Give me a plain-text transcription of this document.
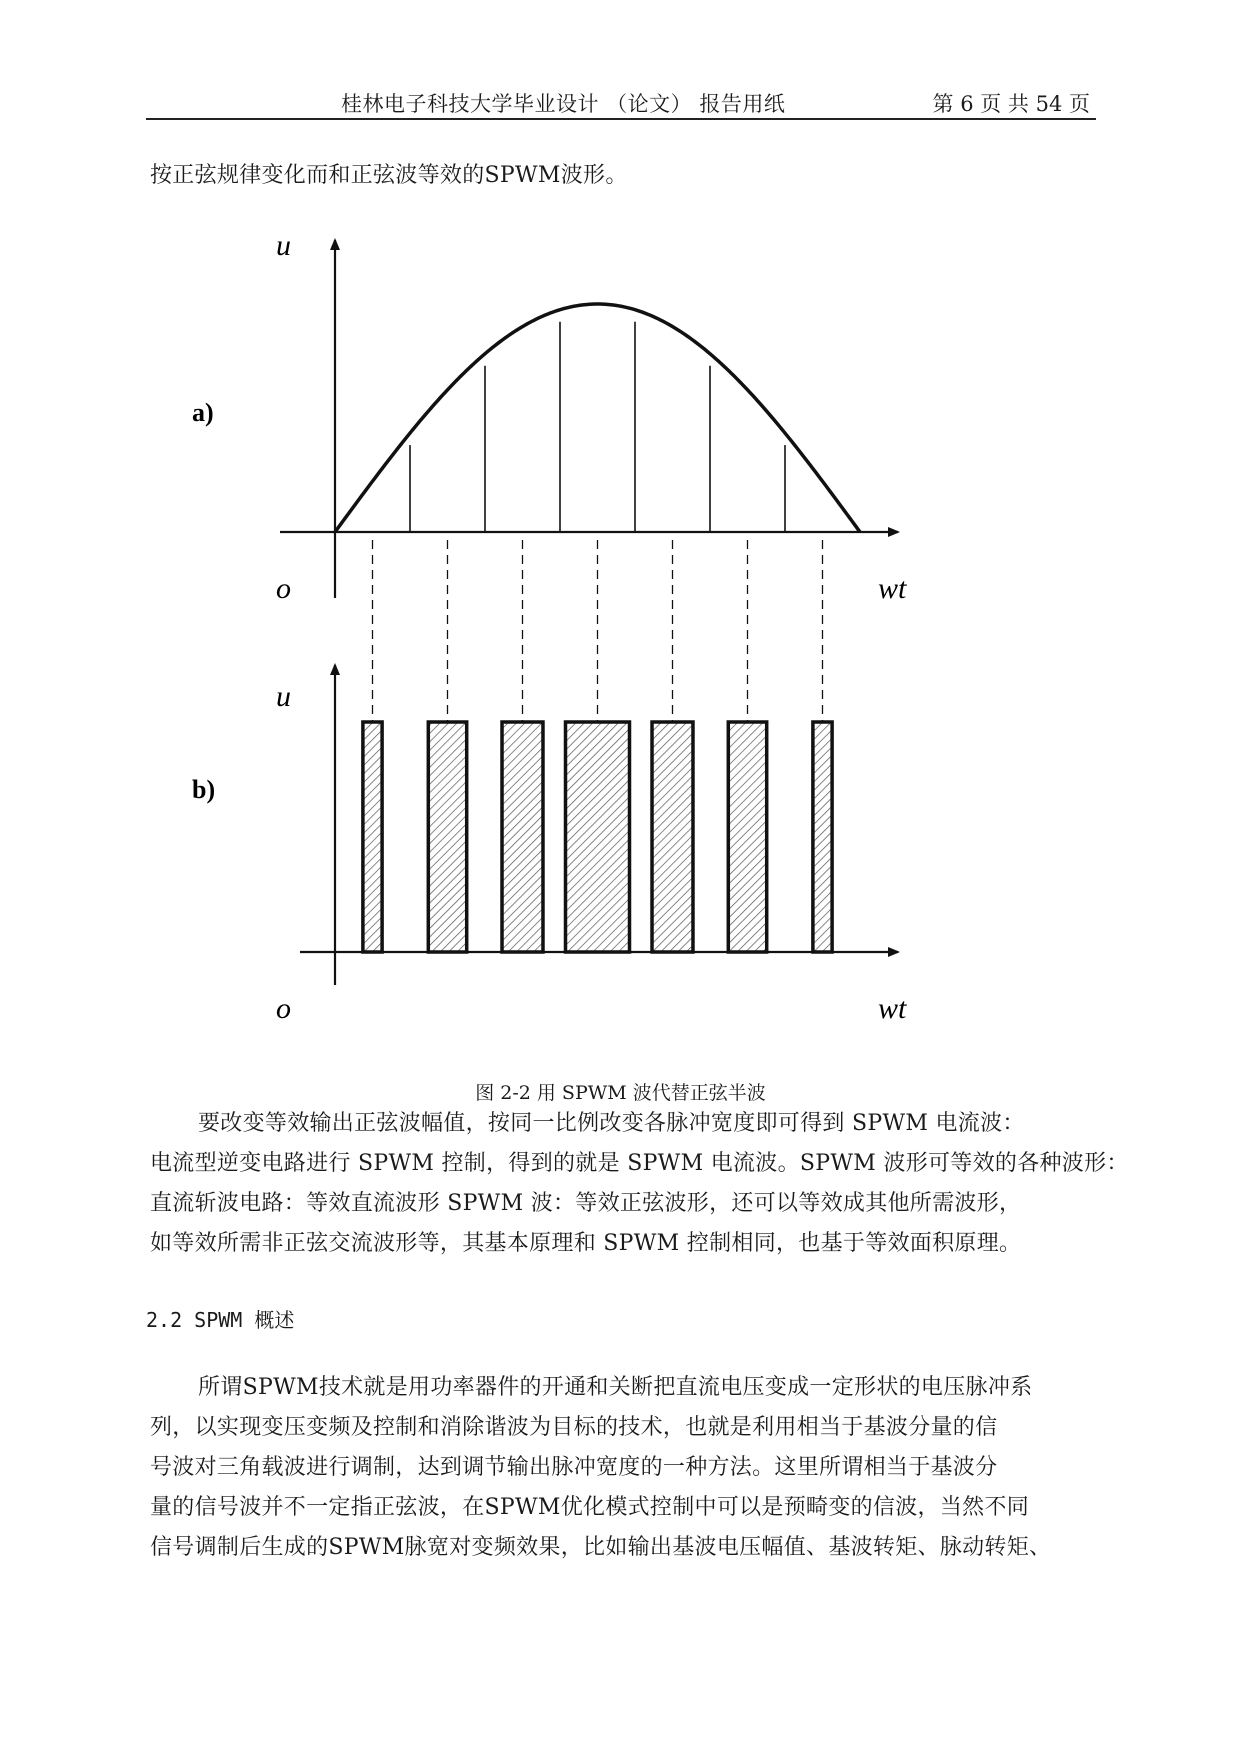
桂林电子科技大学毕业设计 （论文） 报告用纸	第 6 页 共 54 页
按正弦规律变化而和正弦波等效的SPWM波形。
a)
u
o	wt
b)
u
o	wt
图 2-2 用 SPWM 波代替正弦半波
要改变等效输出正弦波幅值，按同一比例改变各脉冲宽度即可得到 SPWM 电流波：
电流型逆变电路进行 SPWM 控制，得到的就是 SPWM 电流波。SPWM 波形可等效的各种波形：
直流斩波电路：等效直流波形 SPWM 波：等效正弦波形，还可以等效成其他所需波形，
如等效所需非正弦交流波形等，其基本原理和 SPWM 控制相同，也基于等效面积原理。
2.2 SPWM 概述
所谓SPWM技术就是用功率器件的开通和关断把直流电压变成一定形状的电压脉冲系
列，以实现变压变频及控制和消除谐波为目标的技术，也就是利用相当于基波分量的信
号波对三角载波进行调制，达到调节输出脉冲宽度的一种方法。这里所谓相当于基波分
量的信号波并不一定指正弦波，在SPWM优化模式控制中可以是预畸变的信波，当然不同
信号调制后生成的SPWM脉宽对变频效果，比如输出基波电压幅值、基波转矩、脉动转矩、
